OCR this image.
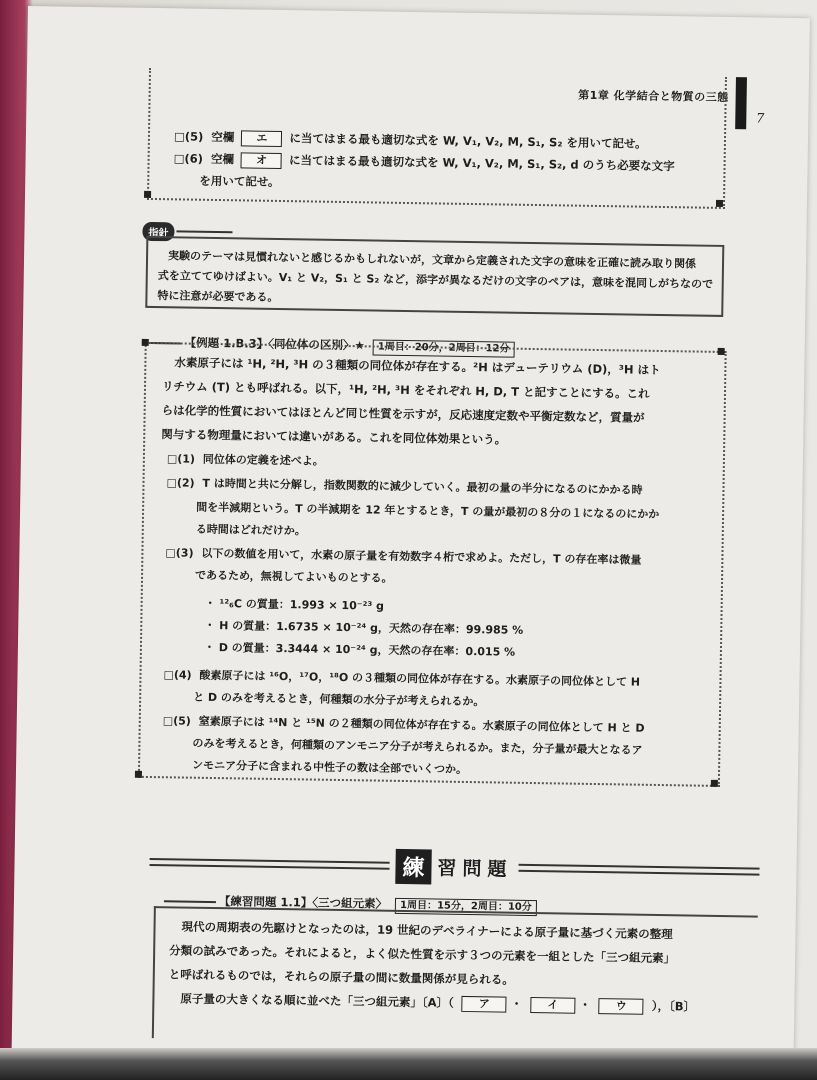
第1章 化学結合と物質の三態
7
□(5) 空欄 エ に当てはまる最も適切な式を W, V₁, V₂, M, S₁, S₂ を用いて記せ。
□(6) 空欄 オ に当てはまる最も適切な式を W, V₁, V₂, M, S₁, S₂, d のうち必要な文字
を用いて記せ。
指針
実験のテーマは見慣れないと感じるかもしれないが，文章から定義された文字の意味を正確に読み取り関係
式を立ててゆけばよい。V₁ と V₂，S₁ と S₂ など，添字が異なるだけの文字のペアは，意味を混同しがちなので
特に注意が必要である。
【例題 1.B.3】〈同位体の区別〉★ 1周目：20分，2周目：12分
水素原子には ¹H, ²H, ³H の３種類の同位体が存在する。²H はデューテリウム (D)，³H はト
リチウム (T) とも呼ばれる。以下，¹H, ²H, ³H をそれぞれ H, D, T と記すことにする。これ
らは化学的性質においてはほとんど同じ性質を示すが，反応速度定数や平衡定数など，質量が
関与する物理量においては違いがある。これを同位体効果という。
□(1) 同位体の定義を述べよ。
□(2) T は時間と共に分解し，指数関数的に減少していく。最初の量の半分になるのにかかる時
間を半減期という。T の半減期を 12 年とするとき，T の量が最初の８分の１になるのにかか
る時間はどれだけか。
□(3) 以下の数値を用いて，水素の原子量を有効数字４桁で求めよ。ただし，T の存在率は微量
であるため，無視してよいものとする。
・ ¹²₆C の質量：1.993 × 10⁻²³ g
・ H の質量：1.6735 × 10⁻²⁴ g，天然の存在率：99.985 %
・ D の質量：3.3444 × 10⁻²⁴ g，天然の存在率：0.015 %
□(4) 酸素原子には ¹⁶O，¹⁷O，¹⁸O の３種類の同位体が存在する。水素原子の同位体として H
と D のみを考えるとき，何種類の水分子が考えられるか。
□(5) 窒素原子には ¹⁴N と ¹⁵N の２種類の同位体が存在する。水素原子の同位体として H と D
のみを考えるとき，何種類のアンモニア分子が考えられるか。また，分子量が最大となるア
ンモニア分子に含まれる中性子の数は全部でいくつか。
練 習問題
【練習問題 1.1】〈三つ組元素〉 1周目：15分，2周目：10分
現代の周期表の先駆けとなったのは，19 世紀のデベライナーによる原子量に基づく元素の整理
分類の試みであった。それによると，よく似た性質を示す３つの元素を一組とした「三つ組元素」
と呼ばれるものでは，それらの原子量の間に数量関係が見られる。
原子量の大きくなる順に並べた「三つ組元素」〔A〕（ ア ・ イ ・ ウ ），〔B〕
